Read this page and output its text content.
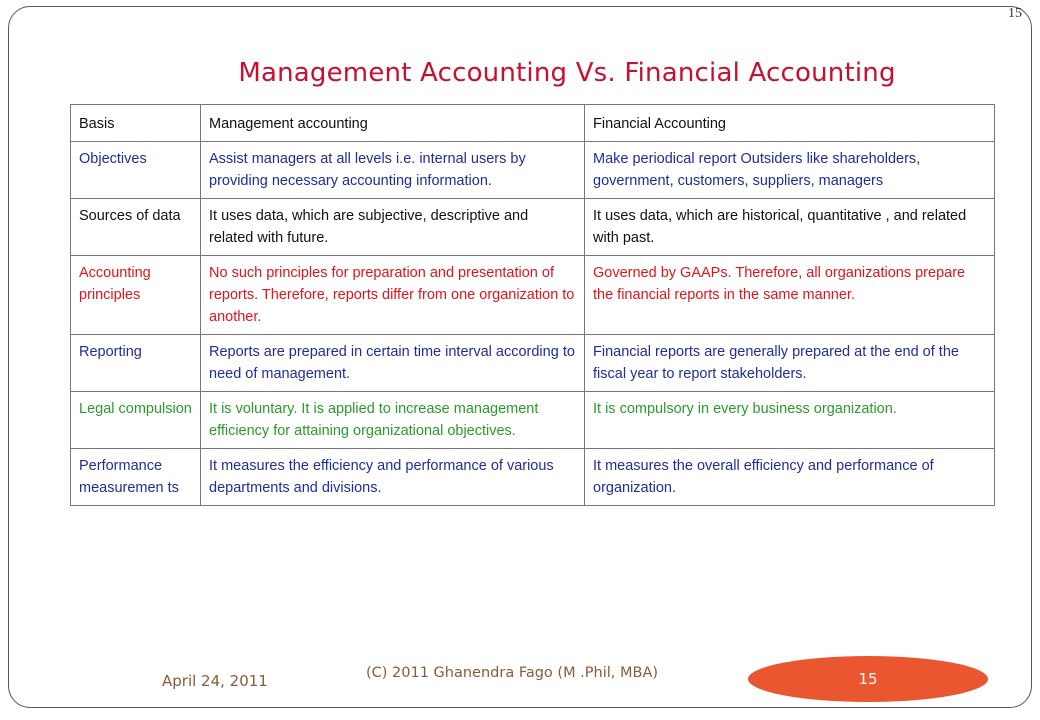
15
Management Accounting Vs. Financial Accounting
Basis	Management accounting	Financial Accounting
Objectives	Assist managers at all levels i.e. internal users by providing necessary accounting information.	Make periodical report Outsiders like shareholders, government, customers, suppliers, managers
Sources of data	It uses data, which are subjective, descriptive and related with future.	It uses data, which are historical, quantitative , and related with past.
Accounting principles	No such principles for preparation and presentation of reports. Therefore, reports differ from one organization to another.	Governed by GAAPs. Therefore, all organizations prepare the financial reports in the same manner.
Reporting	Reports are prepared in certain time interval according to need of management.	Financial reports are generally prepared at the end of the fiscal year to report stakeholders.
Legal compulsion	It is voluntary. It is applied to increase management efficiency for attaining organizational objectives.	It is compulsory in every business organization.
Performance measuremen ts	It measures the efficiency and performance of various departments and divisions.	It measures the overall efficiency and performance of organization.
April 24, 2011	(C) 2011 Ghanendra Fago (M .Phil, MBA)	15
